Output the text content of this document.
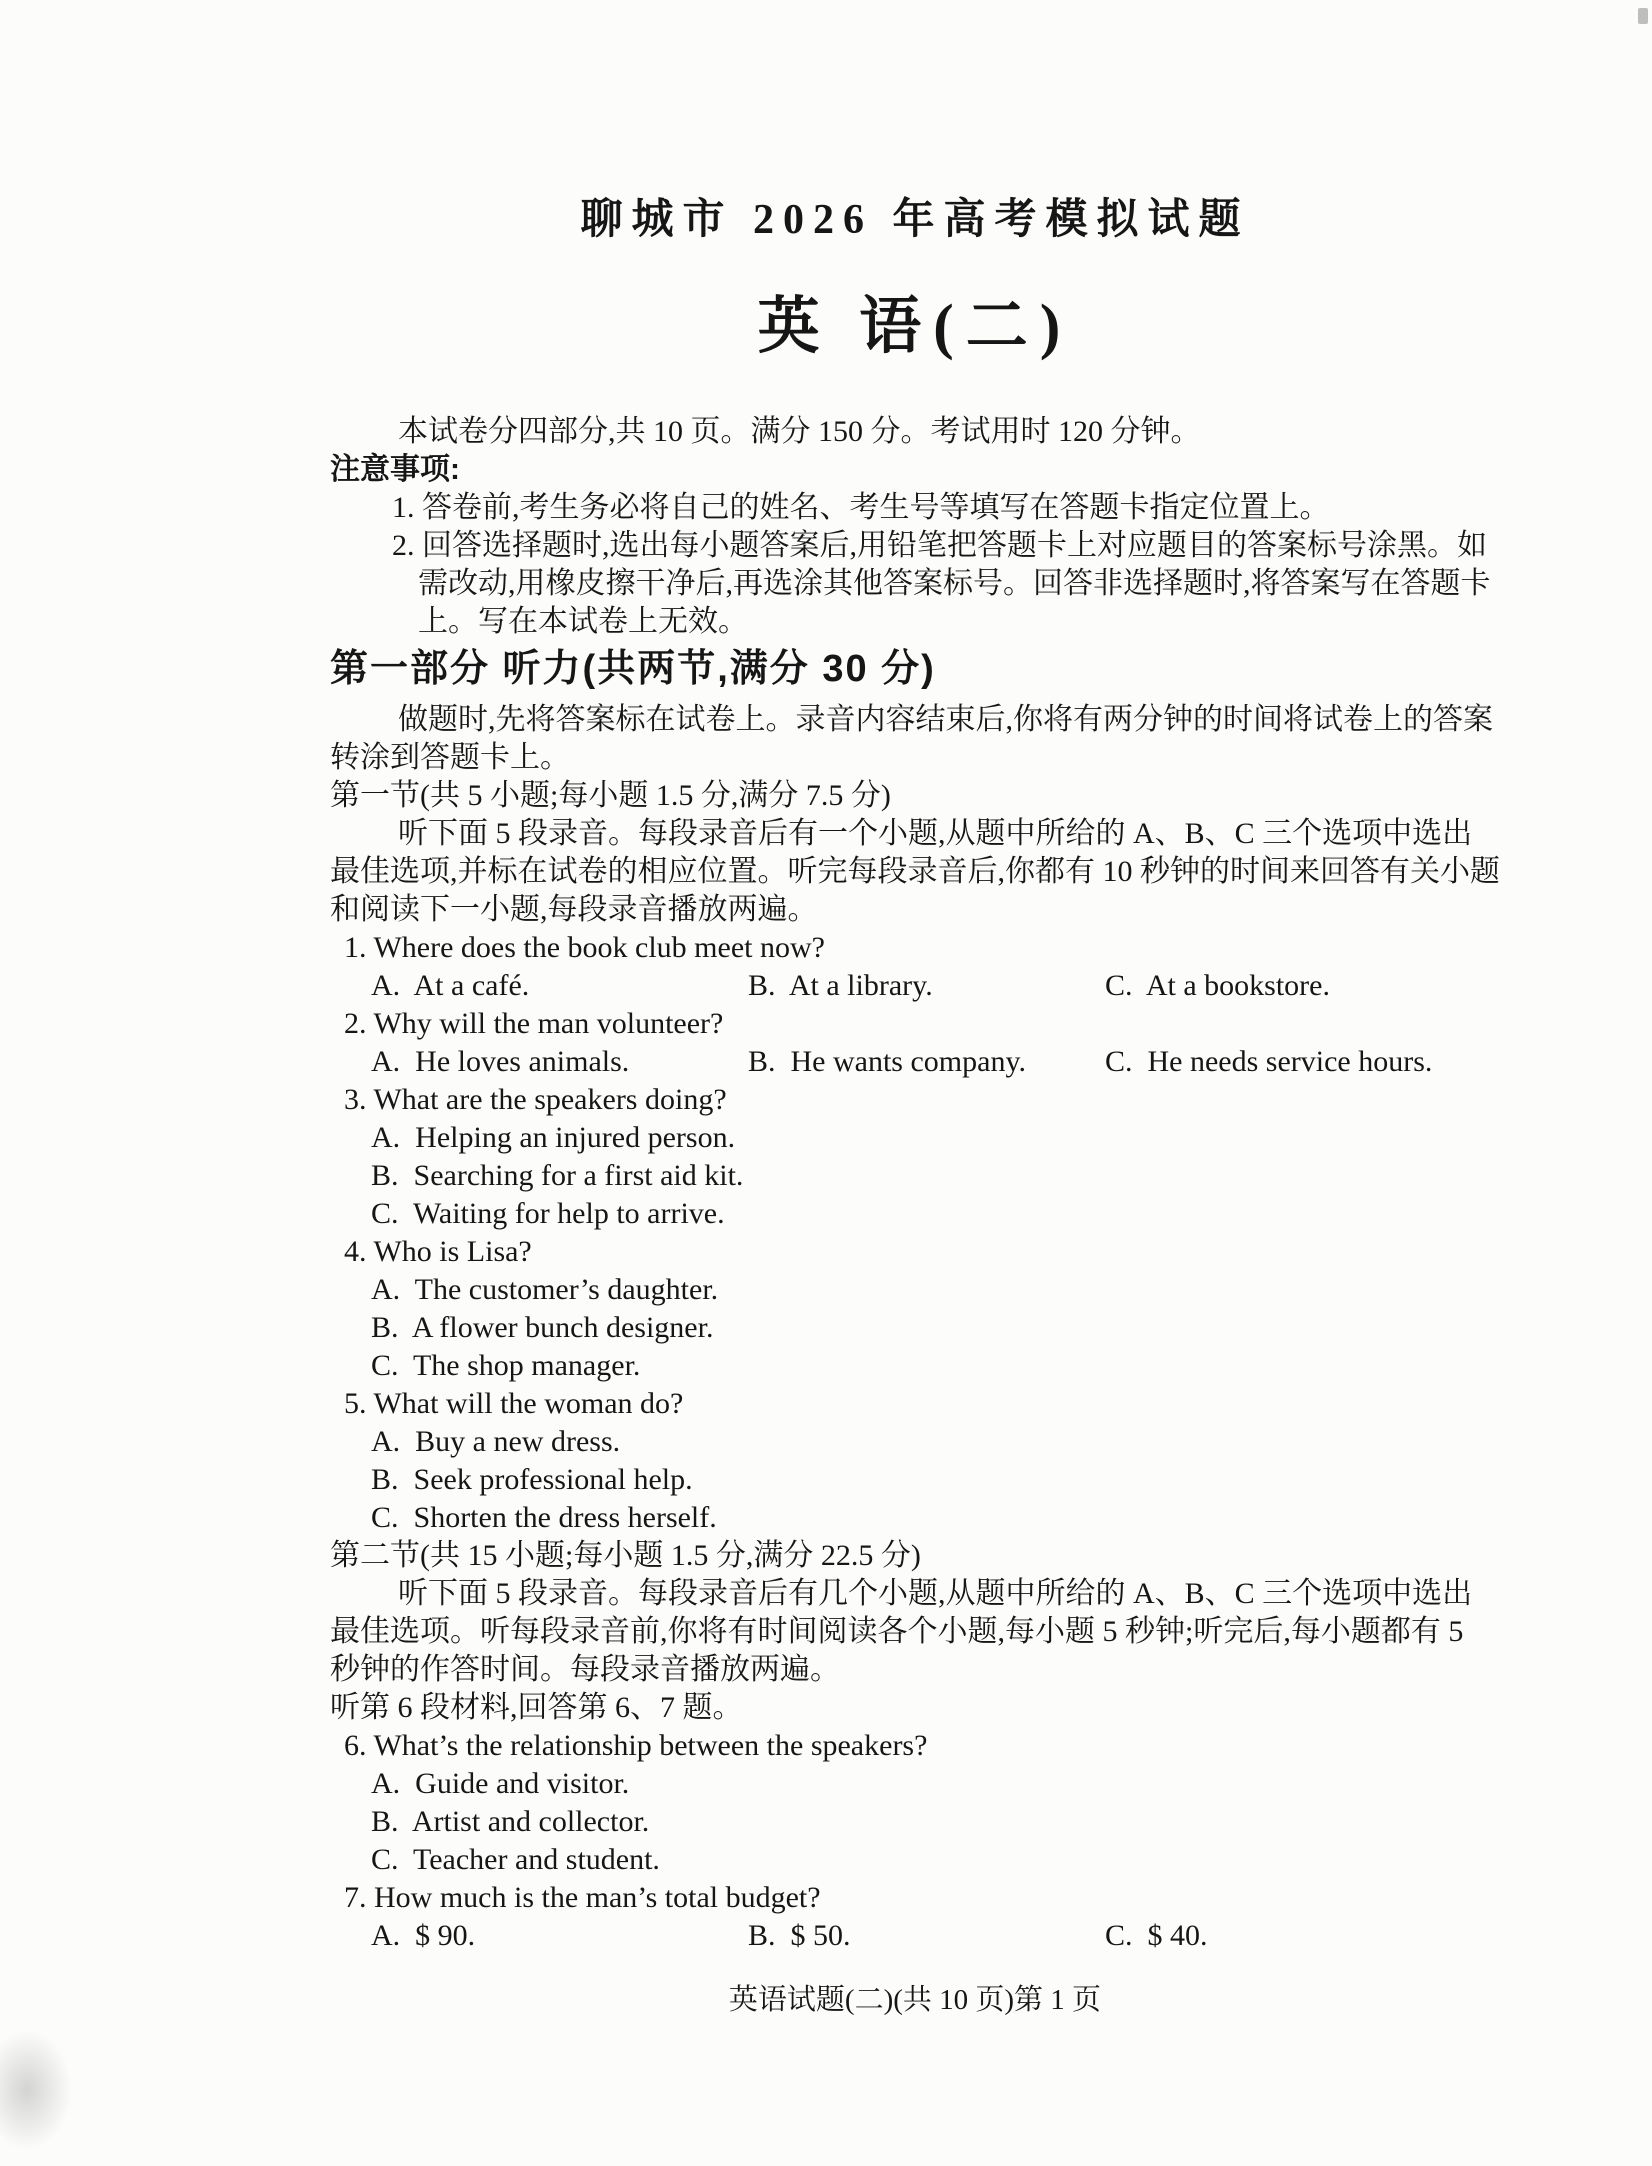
聊城市 2026 年高考模拟试题
英 语(二)

本试卷分四部分,共 10 页。满分 150 分。考试用时 120 分钟。

注意事项:

1. 答卷前,考生务必将自己的姓名、考生号等填写在答题卡指定位置上。

2. 回答选择题时,选出每小题答案后,用铅笔把答题卡上对应题目的答案标号涂黑。如需改动,用橡皮擦干净后,再选涂其他答案标号。回答非选择题时,将答案写在答题卡上。写在本试卷上无效。

第一部分 听力(共两节,满分 30 分)

做题时,先将答案标在试卷上。录音内容结束后,你将有两分钟的时间将试卷上的答案转涂到答题卡上。

第一节(共 5 小题;每小题 1.5 分,满分 7.5 分)

听下面 5 段录音。每段录音后有一个小题,从题中所给的 A、B、C 三个选项中选出最佳选项,并标在试卷的相应位置。听完每段录音后,你都有 10 秒钟的时间来回答有关小题和阅读下一小题,每段录音播放两遍。

1. Where does the book club meet now?

A.  At a café.	B.  At a library.	C.  At a bookstore.

2. Why will the man volunteer?

A.  He loves animals.	B.  He wants company.	C.  He needs service hours.

3. What are the speakers doing?

A.  Helping an injured person.

B.  Searching for a first aid kit.

C.  Waiting for help to arrive.

4. Who is Lisa?

A.  The customer’s daughter.

B.  A flower bunch designer.

C.  The shop manager.

5. What will the woman do?

A.  Buy a new dress.

B.  Seek professional help.

C.  Shorten the dress herself.

第二节(共 15 小题;每小题 1.5 分,满分 22.5 分)

听下面 5 段录音。每段录音后有几个小题,从题中所给的 A、B、C 三个选项中选出最佳选项。听每段录音前,你将有时间阅读各个小题,每小题 5 秒钟;听完后,每小题都有 5 秒钟的作答时间。每段录音播放两遍。

听第 6 段材料,回答第 6、7 题。

6. What’s the relationship between the speakers?

A.  Guide and visitor.

B.  Artist and collector.

C.  Teacher and student.

7. How much is the man’s total budget?

A.  $ 90.	B.  $ 50.	C.  $ 40.
英语试题(二)(共 10 页)第 1 页
